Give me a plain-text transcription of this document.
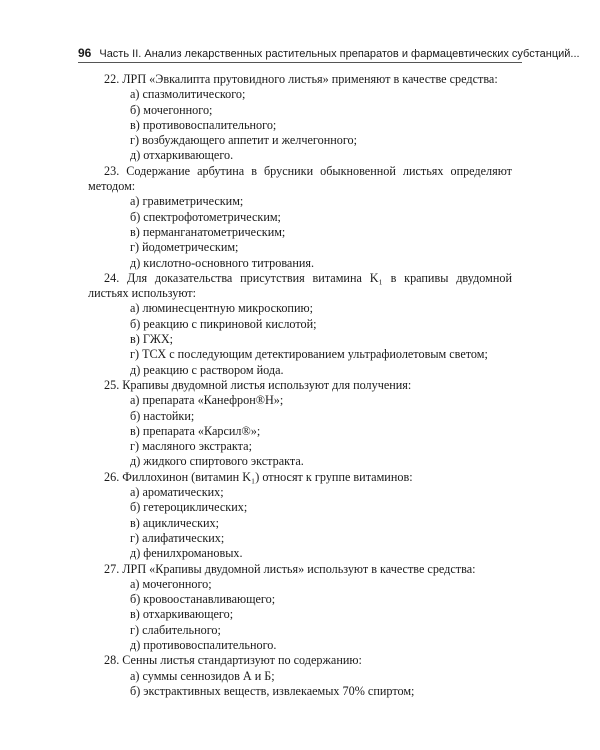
96 Часть II. Анализ лекарственных растительных препаратов и фармацевтических субстанций...

22. ЛРП «Эвкалипта прутовидного листья» применяют в качестве средства:

а) спазмолитического;

б) мочегонного;

в) противовоспалительного;

г) возбуждающего аппетит и желчегонного;

д) отхаркивающего.

23. Содержание арбутина в брусники обыкновенной листьях определяют методом:

а) гравиметрическим;

б) спектрофотометрическим;

в) перманганатометрическим;

г) йодометрическим;

д) кислотно-основного титрования.

24. Для доказательства присутствия витамина K₁ в крапивы двудомной листьях используют:

а) люминесцентную микроскопию;

б) реакцию с пикриновой кислотой;

в) ГЖХ;

г) ТСХ с последующим детектированием ультрафиолетовым светом;

д) реакцию с раствором йода.

25. Крапивы двудомной листья используют для получения:

а) препарата «Канефрон®Н»;

б) настойки;

в) препарата «Карсил®»;

г) масляного экстракта;

д) жидкого спиртового экстракта.

26. Филлохинон (витамин K₁) относят к группе витаминов:

а) ароматических;

б) гетероциклических;

в) ациклических;

г) алифатических;

д) фенилхромановых.

27. ЛРП «Крапивы двудомной листья» используют в качестве средства:

а) мочегонного;

б) кровоостанавливающего;

в) отхаркивающего;

г) слабительного;

д) противовоспалительного.

28. Сенны листья стандартизуют по содержанию:

а) суммы сеннозидов А и Б;

б) экстрактивных веществ, извлекаемых 70% спиртом;
